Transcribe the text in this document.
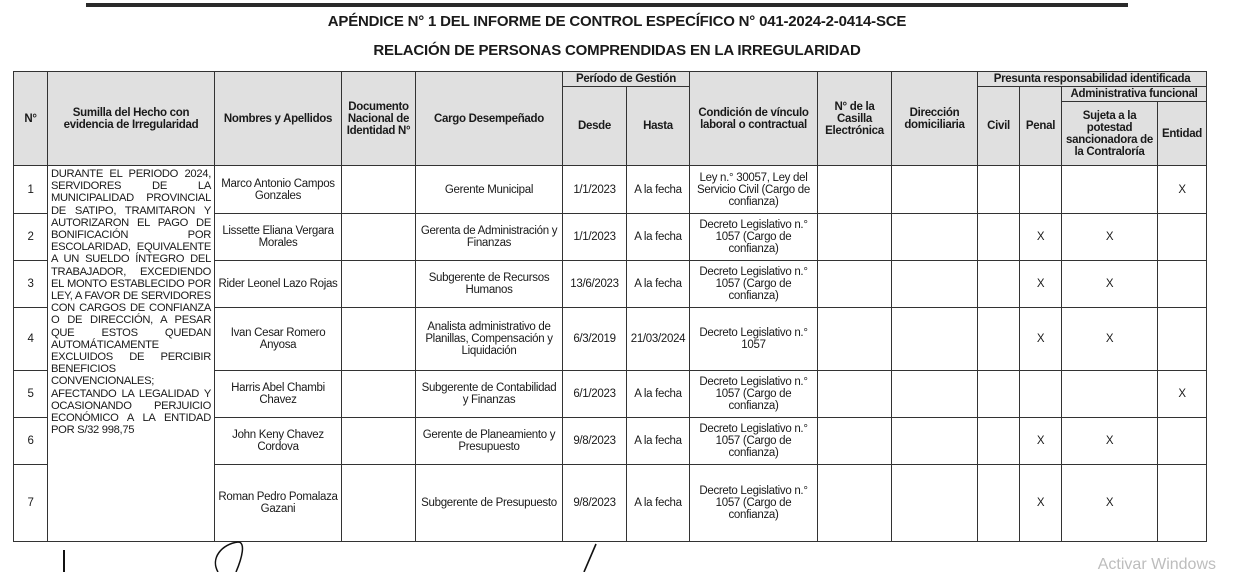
APÉNDICE N° 1 DEL INFORME DE CONTROL ESPECÍFICO N° 041-2024-2-0414-SCE
RELACIÓN DE PERSONAS COMPRENDIDAS EN LA IRREGULARIDAD
N°	Sumilla del Hecho con evidencia de Irregularidad	Nombres y Apellidos	Documento Nacional de Identidad N°	Cargo Desempeñado	Período de Gestión		Condición de vínculo laboral o contractual	N° de la Casilla Electrónica	Dirección domiciliaria	Presunta responsabilidad identificada			
					Desde	Hasta				Civil	Penal	Administrativa funcional	
												Sujeta a la potestad sancionadora de la Contraloría	Entidad
1	DURANTE EL PERIODO 2024, SERVIDORES DE LA MUNICIPALIDAD PROVINCIAL DE SATIPO, TRAMITARON Y AUTORIZARON EL PAGO DE BONIFICACIÓN POR ESCOLARIDAD, EQUIVALENTE A UN SUELDO ÍNTEGRO DEL TRABAJADOR, EXCEDIENDO EL MONTO ESTABLECIDO POR LEY, A FAVOR DE SERVIDORES CON CARGOS DE CONFIANZA O DE DIRECCIÓN, A PESAR QUE ESTOS QUEDAN AUTOMÁTICAMENTE EXCLUIDOS DE PERCIBIR BENEFICIOS CONVENCIONALES; AFECTANDO LA LEGALIDAD Y OCASIONANDO PERJUICIO ECONÓMICO A LA ENTIDAD POR S/32 998,75	Marco Antonio Campos Gonzales		Gerente Municipal	1/1/2023	A la fecha	Ley n.° 30057, Ley del Servicio Civil (Cargo de confianza)						X
2		Lissette Eliana Vergara Morales		Gerenta de Administración y Finanzas	1/1/2023	A la fecha	Decreto Legislativo n.° 1057 (Cargo de confianza)				X	X	
3		Rider Leonel Lazo Rojas		Subgerente de Recursos Humanos	13/6/2023	A la fecha	Decreto Legislativo n.° 1057 (Cargo de confianza)				X	X	
4		Ivan Cesar Romero Anyosa		Analista administrativo de Planillas, Compensación y Liquidación	6/3/2019	21/03/2024	Decreto Legislativo n.° 1057				X	X	
5		Harris Abel Chambi Chavez		Subgerente de Contabilidad y Finanzas	6/1/2023	A la fecha	Decreto Legislativo n.° 1057 (Cargo de confianza)						X
6		John Keny Chavez Cordova		Gerente de Planeamiento y Presupuesto	9/8/2023	A la fecha	Decreto Legislativo n.° 1057 (Cargo de confianza)				X	X	
7		Roman Pedro Pomalaza Gazani		Subgerente de Presupuesto	9/8/2023	A la fecha	Decreto Legislativo n.° 1057 (Cargo de confianza)				X	X	
Activar Windows
